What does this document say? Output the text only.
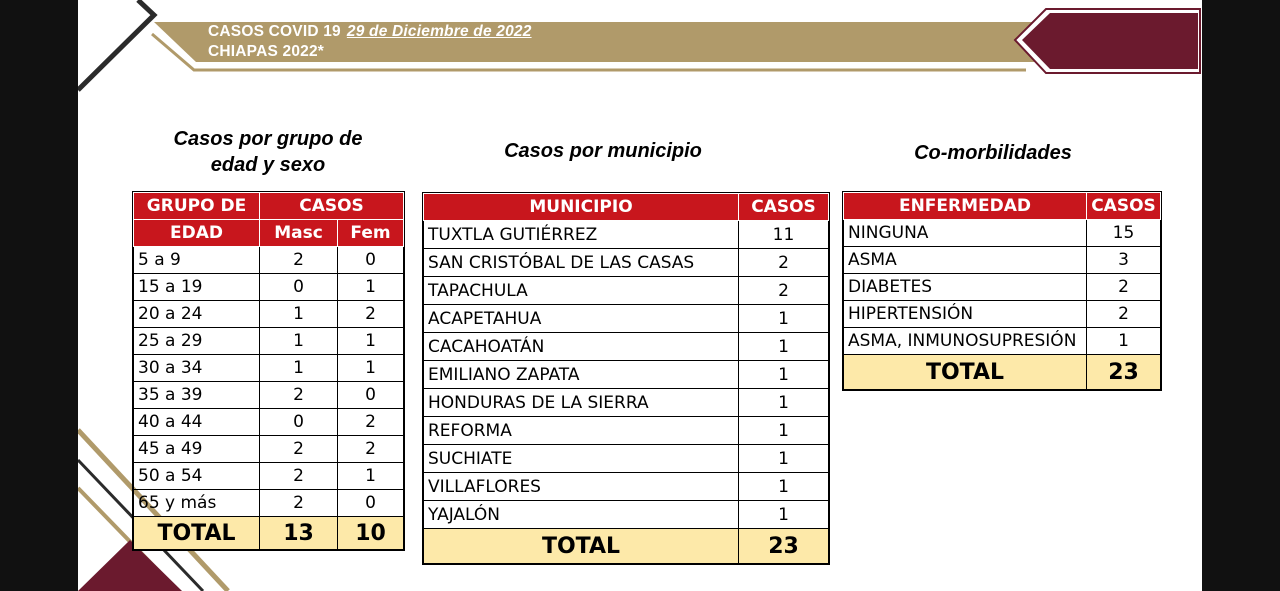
CASOS COVID 19 29 de Diciembre de 2022
CHIAPAS 2022*
Casos por grupo de edad y sexo
Casos por municipio	Co-morbilidades
GRUPO DE	CASOS	
EDAD	Masc	Fem
5 a 9	2	0
15 a 19	0	1
20 a 24	1	2
25 a 29	1	1
30 a 34	1	1
35 a 39	2	0
40 a 44	0	2
45 a 49	2	2
50 a 54	2	1
65 y más	2	0
TOTAL	13	10
MUNICIPIO	CASOS
TUXTLA GUTIÉRREZ	11
SAN CRISTÓBAL DE LAS CASAS	2
TAPACHULA	2
ACAPETAHUA	1
CACAHOATÁN	1
EMILIANO ZAPATA	1
HONDURAS DE LA SIERRA	1
REFORMA	1
SUCHIATE	1
VILLAFLORES	1
YAJALÓN	1
TOTAL	23
ENFERMEDAD	CASOS
NINGUNA	15
ASMA	3
DIABETES	2
HIPERTENSIÓN	2
ASMA, INMUNOSUPRESIÓN	1
TOTAL	23
